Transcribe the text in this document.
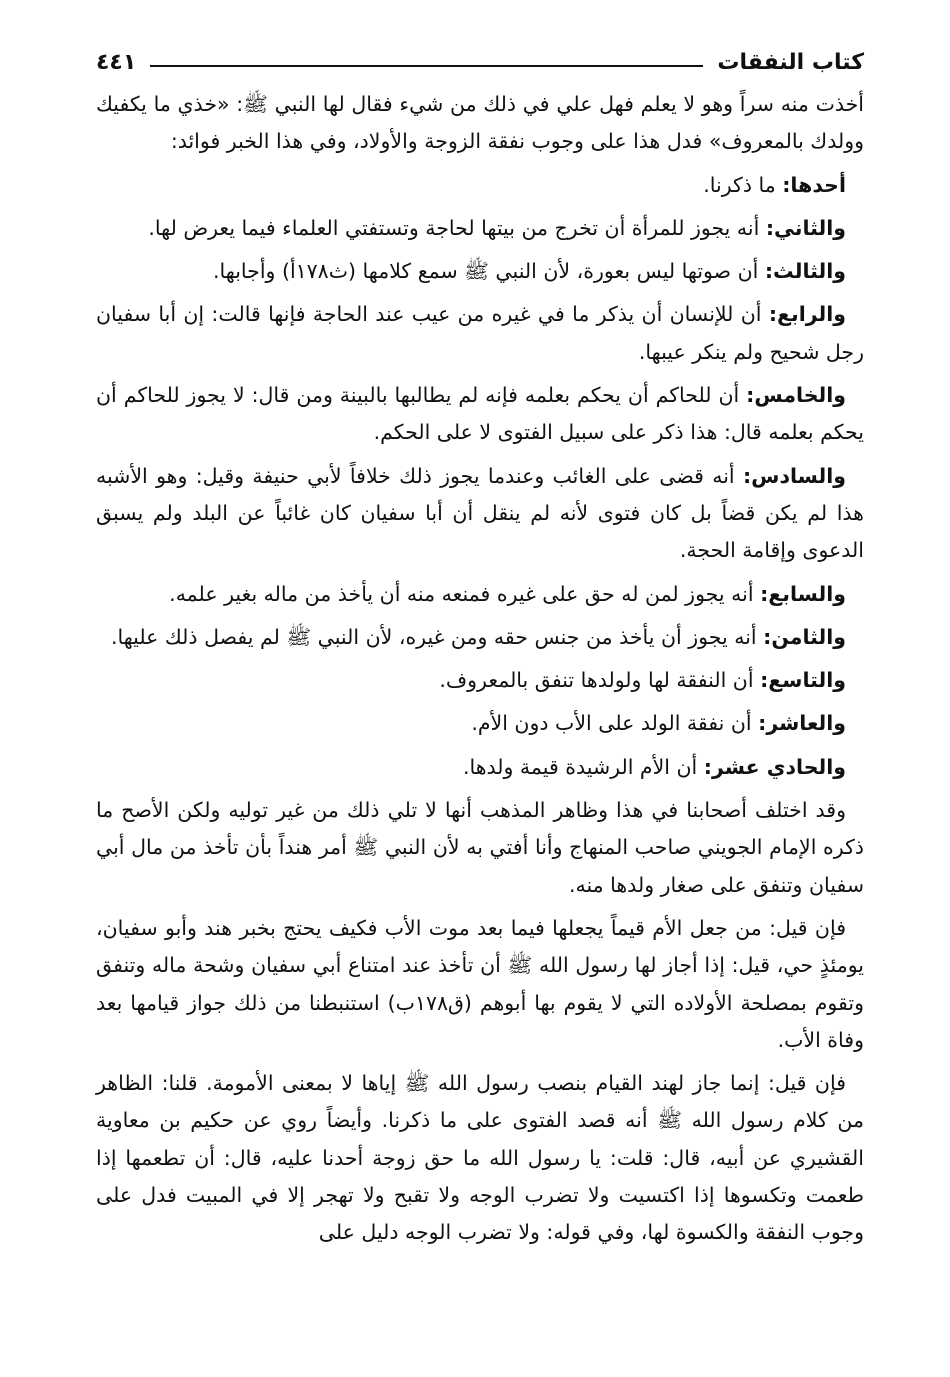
كتاب النفقات
٤٤١

أخذت منه سراً وهو لا يعلم فهل علي في ذلك من شيء فقال لها النبي ﷺ: «خذي ما يكفيك وولدك بالمعروف» فدل هذا على وجوب نفقة الزوجة والأولاد، وفي هذا الخبر فوائد:

أحدها: ما ذكرنا.

والثاني: أنه يجوز للمرأة أن تخرج من بيتها لحاجة وتستفتي العلماء فيما يعرض لها.

والثالث: أن صوتها ليس بعورة، لأن النبي ﷺ سمع كلامها (ث١٧٨أ) وأجابها.

والرابع: أن للإنسان أن يذكر ما في غيره من عيب عند الحاجة فإنها قالت: إن أبا سفيان رجل شحيح ولم ينكر عيبها.

والخامس: أن للحاكم أن يحكم بعلمه فإنه لم يطالبها بالبينة ومن قال: لا يجوز للحاكم أن يحكم بعلمه قال: هذا ذكر على سبيل الفتوى لا على الحكم.

والسادس: أنه قضى على الغائب وعندما يجوز ذلك خلافاً لأبي حنيفة وقيل: وهو الأشبه هذا لم يكن قضاً بل كان فتوى لأنه لم ينقل أن أبا سفيان كان غائباً عن البلد ولم يسبق الدعوى وإقامة الحجة.

والسابع: أنه يجوز لمن له حق على غيره فمنعه منه أن يأخذ من ماله بغير علمه.

والثامن: أنه يجوز أن يأخذ من جنس حقه ومن غيره، لأن النبي ﷺ لم يفصل ذلك عليها.

والتاسع: أن النفقة لها ولولدها تنفق بالمعروف.

والعاشر: أن نفقة الولد على الأب دون الأم.

والحادي عشر: أن الأم الرشيدة قيمة ولدها.

وقد اختلف أصحابنا في هذا وظاهر المذهب أنها لا تلي ذلك من غير توليه ولكن الأصح ما ذكره الإمام الجويني صاحب المنهاج وأنا أفتي به لأن النبي ﷺ أمر هنداً بأن تأخذ من مال أبي سفيان وتنفق على صغار ولدها منه.

فإن قيل: من جعل الأم قيماً يجعلها فيما بعد موت الأب فكيف يحتج بخبر هند وأبو سفيان، يومئذٍ حي، قيل: إذا أجاز لها رسول الله ﷺ أن تأخذ عند امتناع أبي سفيان وشحة ماله وتنفق وتقوم بمصلحة الأولاده التي لا يقوم بها أبوهم (ق١٧٨ب) استنبطنا من ذلك جواز قيامها بعد وفاة الأب.

فإن قيل: إنما جاز لهند القيام بنصب رسول الله ﷺ إياها لا بمعنى الأمومة. قلنا: الظاهر من كلام رسول الله ﷺ أنه قصد الفتوى على ما ذكرنا. وأيضاً روي عن حكيم بن معاوية القشيري عن أبيه، قال: قلت: يا رسول الله ما حق زوجة أحدنا عليه، قال: أن تطعمها إذا طعمت وتكسوها إذا اكتسيت ولا تضرب الوجه ولا تقبح ولا تهجر إلا في المبيت فدل على وجوب النفقة والكسوة لها، وفي قوله: ولا تضرب الوجه دليل على
